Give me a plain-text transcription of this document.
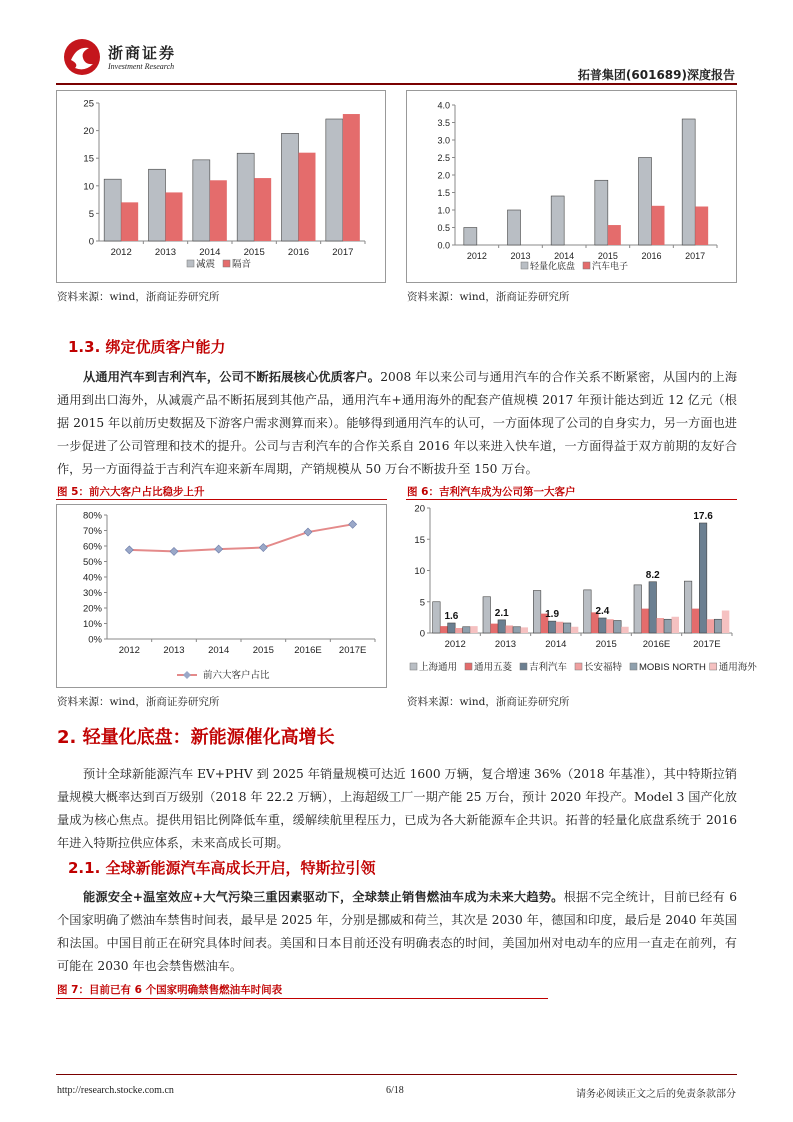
浙商证券
Investment Research
拓普集团(601689)深度报告
0
5
10
15
20
25
2012 2013 2014 2015 2016 2017
减震 隔音
资料来源：wind，浙商证券研究所
0.0
0.5
1.0
1.5
2.0
2.5
3.0
3.5
4.0
2012	2013	2014	2015	2016	2017
轻量化底盘 汽车电子
资料来源：wind，浙商证券研究所
1.3. 绑定优质客户能力
从通用汽车到吉利汽车，公司不断拓展核心优质客户。2008 年以来公司与通用汽车的合作关系不断紧密，从国内的上海通用到出口海外，从减震产品不断拓展到其他产品，通用汽车+通用海外的配套产值规模 2017 年预计能达到近 12 亿元（根据 2015 年以前历史数据及下游客户需求测算而来）。能够得到通用汽车的认可，一方面体现了公司的自身实力，另一方面也进一步促进了公司管理和技术的提升。公司与吉利汽车的合作关系自 2016 年以来进入快车道，一方面得益于双方前期的友好合作，另一方面得益于吉利汽车迎来新车周期，产销规模从 50 万台不断拔升至 150 万台。
图 5：前六大客户占比稳步上升	图 6：吉利汽车成为公司第一大客户
0%
10%
20%
30%
40%
50%
60%
70%
80%
2012 2013 2014 2015 2016E 2017E
前六大客户占比
0
5
10
15
20
2012	2013	2014	2015	2016E 2017E
1.6	2.1	1.9	2.4
8.2
17.6
上海通用 通用五菱 吉利汽车 长安福特 MOBIS NORTH 通用海外
资料来源：wind，浙商证券研究所	资料来源：wind，浙商证券研究所
2. 轻量化底盘：新能源催化高增长
预计全球新能源汽车 EV+PHV 到 2025 年销量规模可达近 1600 万辆，复合增速 36%（2018 年基准），其中特斯拉销量规模大概率达到百万级别（2018 年 22.2 万辆），上海超级工厂一期产能 25 万台，预计 2020 年投产。Model 3 国产化放量成为核心焦点。提供用铝比例降低车重，缓解续航里程压力，已成为各大新能源车企共识。拓普的轻量化底盘系统于 2016 年进入特斯拉供应体系，未来高成长可期。
2.1. 全球新能源汽车高成长开启，特斯拉引领
能源安全+温室效应+大气污染三重因素驱动下，全球禁止销售燃油车成为未来大趋势。根据不完全统计，目前已经有 6 个国家明确了燃油车禁售时间表，最早是 2025 年，分别是挪威和荷兰，其次是 2030 年，德国和印度，最后是 2040 年英国和法国。中国目前正在研究具体时间表。美国和日本目前还没有明确表态的时间，美国加州对电动车的应用一直走在前列，有可能在 2030 年也会禁售燃油车。
图 7：目前已有 6 个国家明确禁售燃油车时间表
http://research.stocke.com.cn	6/18	请务必阅读正文之后的免责条款部分
